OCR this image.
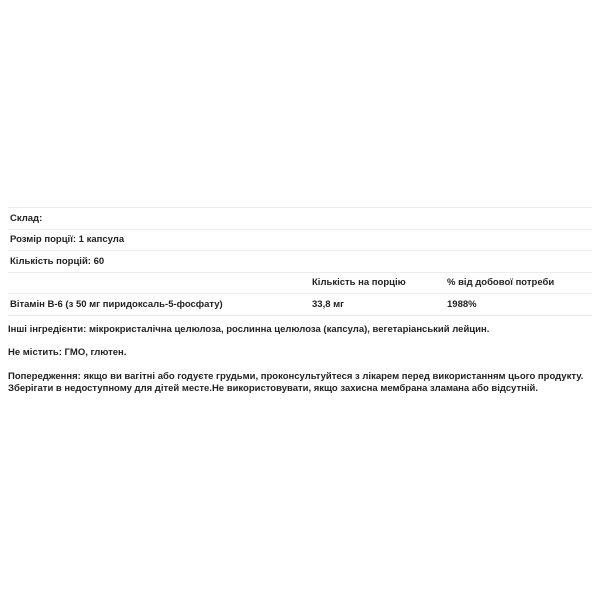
Склад:		
Розмір порції: 1 капсула		
Кількість порцій: 60		
	Кількість на порцію	% від добової потреби
Вітамін В-6 (з 50 мг пиридоксаль-5-фосфату)	33,8 мг	1988%

Інші інгредієнти: мікрокристалічна целюлоза, рослинна целюлоза (капсула), вегетаріанський лейцин.

Не містить: ГМО, глютен.

Попередження: якщо ви вагітні або годуєте грудьми, проконсультуйтеся з лікарем перед використанням цього продукту.
Зберігати в недоступному для дітей месте.Не використовувати, якщо захисна мембрана зламана або відсутній.
